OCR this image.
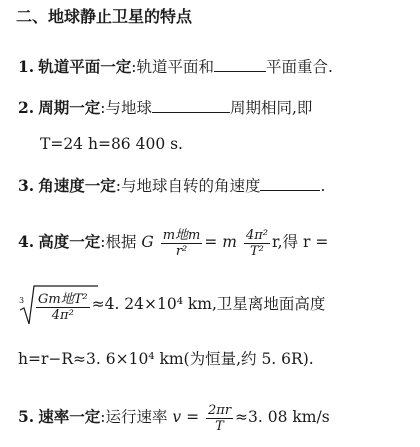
二、地球静止卫星的特点
1. 轨道平面一定:轨道平面和	平面重合.
2. 周期一定:与地球	周期相同,即
T=24 h=86 400 s.
3. 角速度一定:与地球自转的角速度	.
4. 高度一定:根据 G $\frac{\text{m地m}}{\text{r²}} = m \frac{\text{4π²}}{\text{T²}} r$,得 r =
$3 \frac{\text{Gm地T²}}{\text{4π²}} \approx 4$. 24×10⁴ km,卫星离地面高度
h=r−R≈3. 6×10⁴ km(为恒量,约 5. 6R).
5. 速率一定:运行速率 $v = \frac{2\pi r}{T} \approx 3$. 08 km/s
